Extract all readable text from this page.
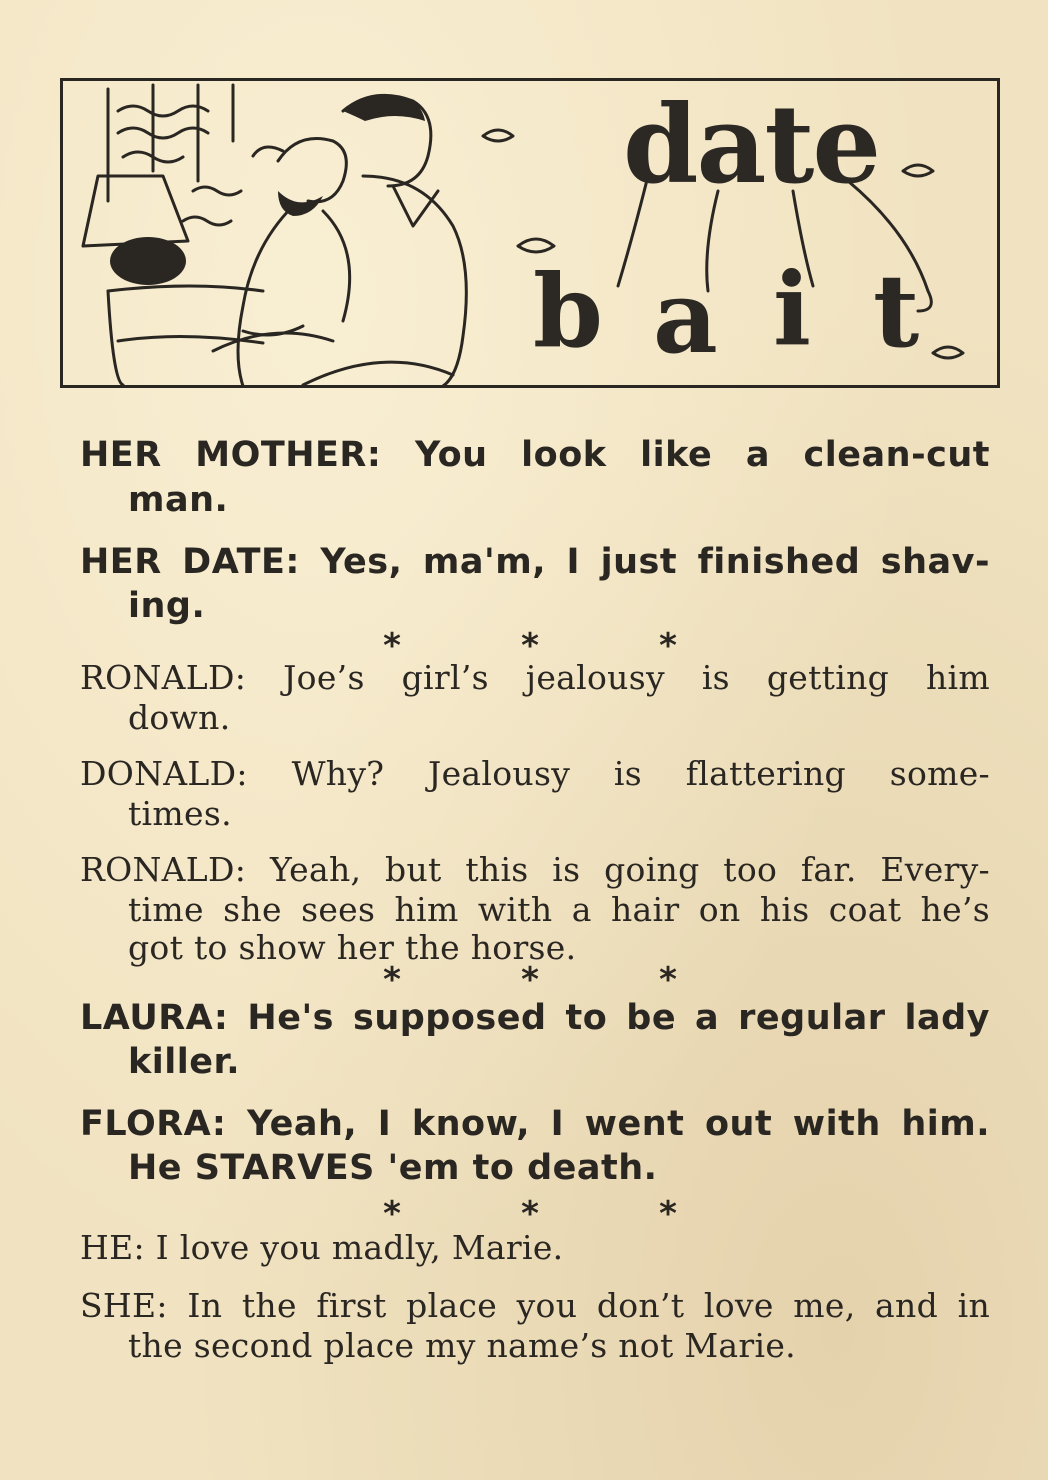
date
b a i t
HER MOTHER: You look like a clean-cut
man.
HER DATE: Yes, ma'm, I just finished shav-
ing.
*	*	*
RONALD: Joe’s girl’s jealousy is getting him
down.
DONALD: Why? Jealousy is flattering some-
times.
RONALD: Yeah, but this is going too far. Every-
time she sees him with a hair on his coat he’s
got to show her the horse.
*	*	*
LAURA: He's supposed to be a regular lady
killer.
FLORA: Yeah, I know, I went out with him.
He STARVES 'em to death.
*	*	*
HE: I love you madly, Marie.
SHE: In the first place you don’t love me, and in
the second place my name’s not Marie.
